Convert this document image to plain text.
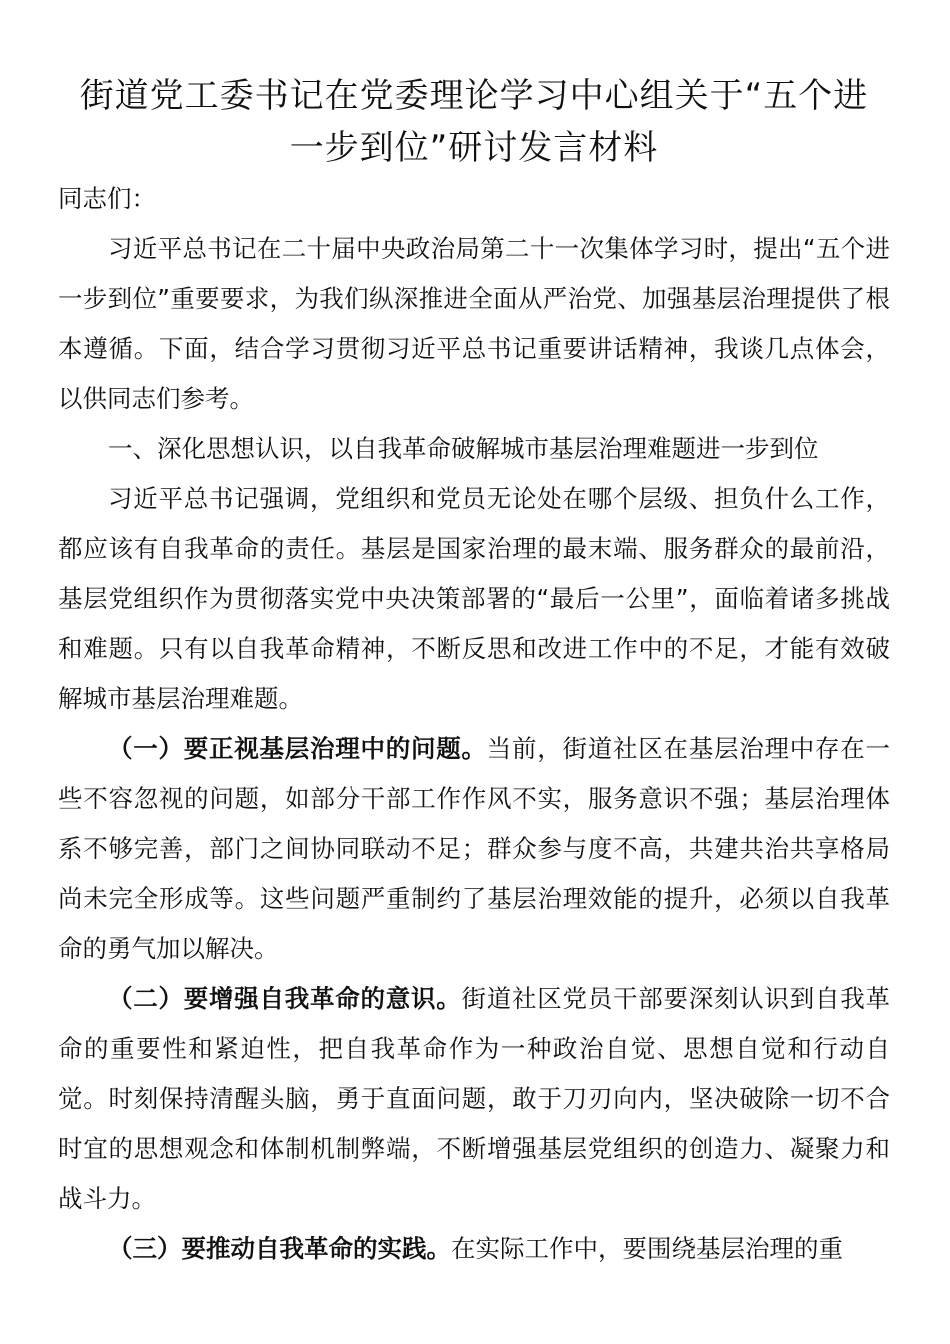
街道党工委书记在党委理论学习中心组关于“五个进
一步到位”研讨发言材料

同志们：

习近平总书记在二十届中央政治局第二十一次集体学习时，提出“五个进一步到位”重要要求，为我们纵深推进全面从严治党、加强基层治理提供了根本遵循。下面，结合学习贯彻习近平总书记重要讲话精神，我谈几点体会，以供同志们参考。

一、深化思想认识，以自我革命破解城市基层治理难题进一步到位

习近平总书记强调，党组织和党员无论处在哪个层级、担负什么工作，都应该有自我革命的责任。基层是国家治理的最末端、服务群众的最前沿，基层党组织作为贯彻落实党中央决策部署的“最后一公里”，面临着诸多挑战和难题。只有以自我革命精神，不断反思和改进工作中的不足，才能有效破解城市基层治理难题。

（一）要正视基层治理中的问题。当前，街道社区在基层治理中存在一些不容忽视的问题，如部分干部工作作风不实，服务意识不强；基层治理体系不够完善，部门之间协同联动不足；群众参与度不高，共建共治共享格局尚未完全形成等。这些问题严重制约了基层治理效能的提升，必须以自我革命的勇气加以解决。

（二）要增强自我革命的意识。街道社区党员干部要深刻认识到自我革命的重要性和紧迫性，把自我革命作为一种政治自觉、思想自觉和行动自觉。时刻保持清醒头脑，勇于直面问题，敢于刀刃向内，坚决破除一切不合时宜的思想观念和体制机制弊端，不断增强基层党组织的创造力、凝聚力和战斗力。

（三）要推动自我革命的实践。在实际工作中，要围绕基层治理的重
